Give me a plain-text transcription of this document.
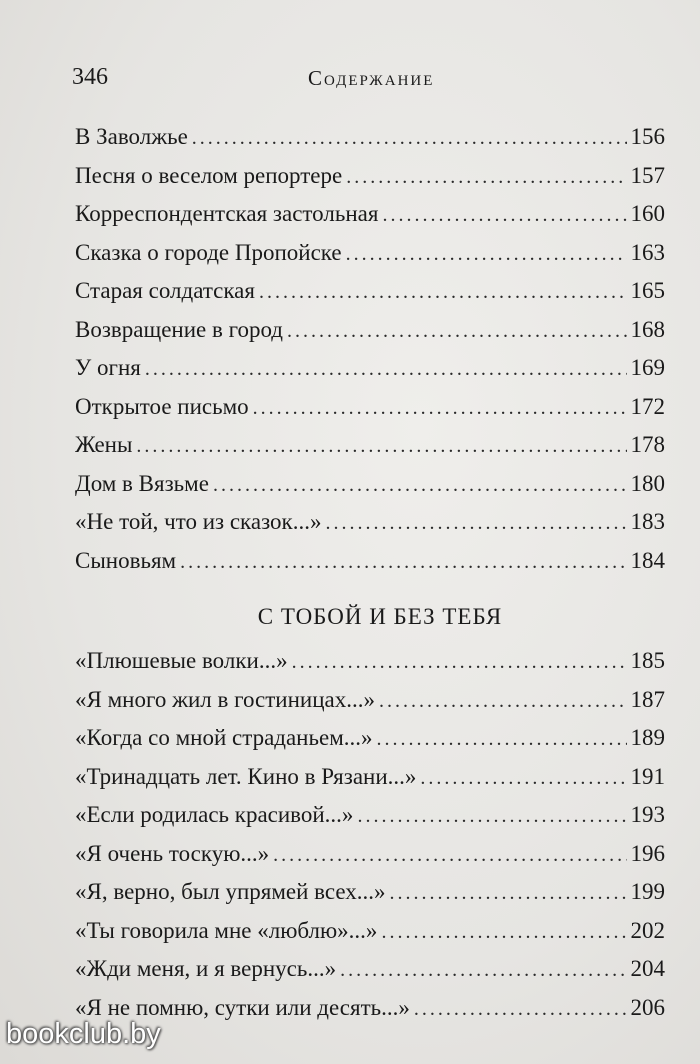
346	Содержание
В Заволжье .....	156
Песня о веселом репортере .....	157
Корреспондентская застольная .....	160
Сказка о городе Пропойске .....	163
Старая солдатская .....	165
Возвращение в город .....	168
У огня .....	169
Открытое письмо .....	172
Жены .....	178
Дом в Вязьме .....	180
«Не той, что из сказок...» .....	183
Сыновьям .....	184
С ТОБОЙ И БЕЗ ТЕБЯ
«Плюшевые волки...» .....	185
«Я много жил в гостиницах...» .....	187
«Когда со мной страданьем...» .....	189
«Тринадцать лет. Кино в Рязани...» .....	191
«Если родилась красивой...» .....	193
«Я очень тоскую...» .....	196
«Я, верно, был упрямей всех...» .....	199
«Ты говорила мне «люблю»...» .....	202
«Жди меня, и я вернусь...» .....	204
«Я не помню, сутки или десять...» .....	206
bookclub.by
